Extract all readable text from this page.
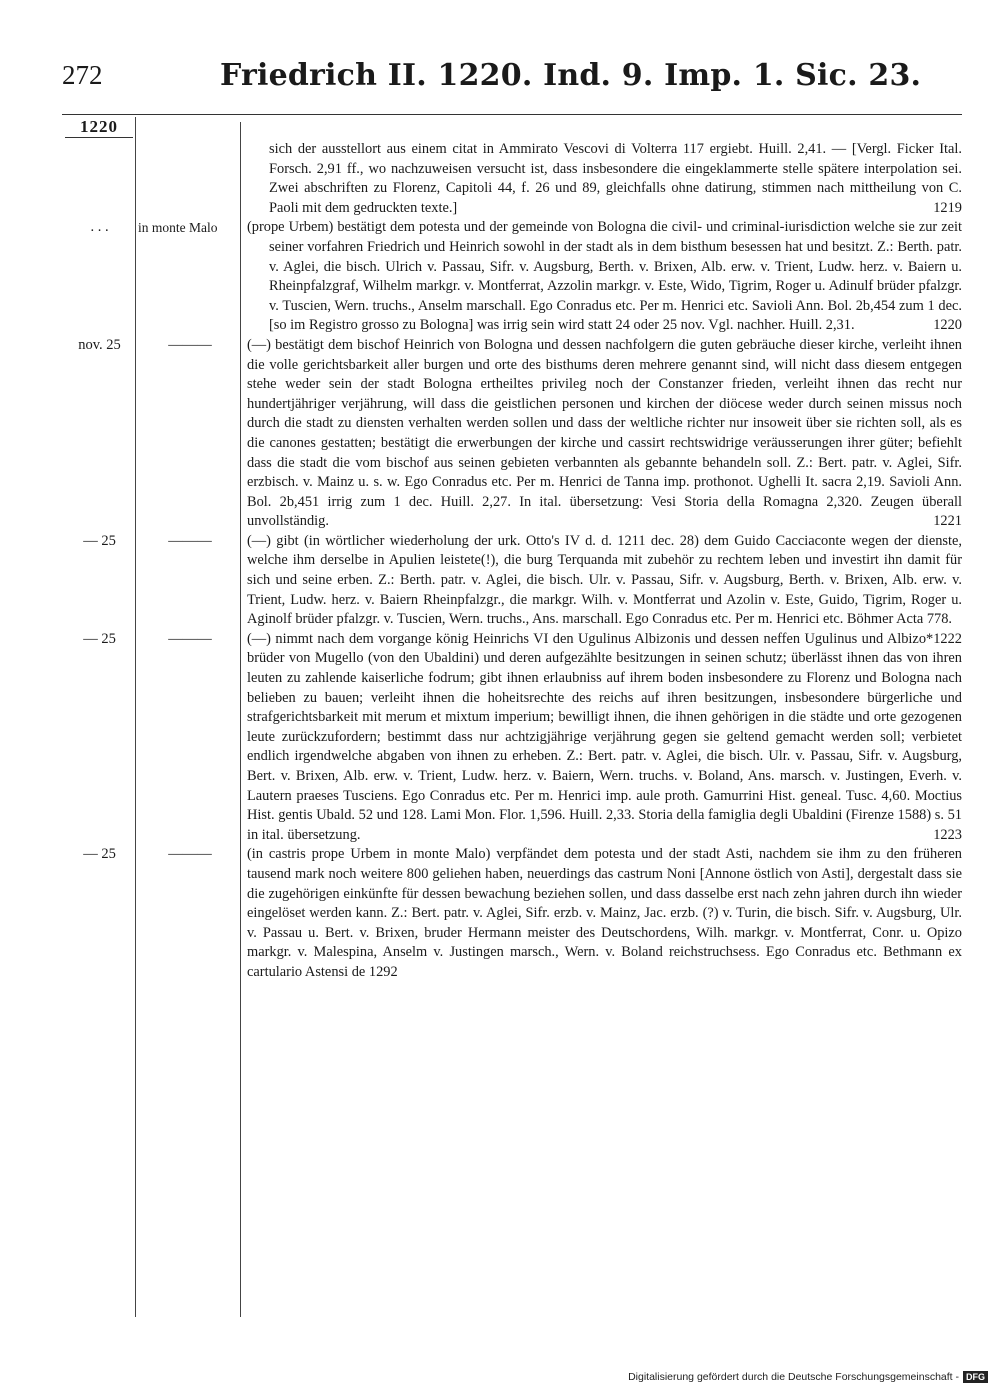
272	Friedrich II. 1220. Ind. 9. Imp. 1. Sic. 23.
1220
sich der ausstellort aus einem citat in Ammirato Vescovi di Volterra 117 ergiebt. Huill. 2,41. — [Vergl. Ficker Ital. Forsch. 2,91 ff., wo nachzuweisen versucht ist, dass insbesondere die eingeklammerte stelle spätere interpolation sei. Zwei abschriften zu Florenz, Capitoli 44, f. 26 und 89, gleichfalls ohne datirung, stimmen nach mittheilung von C. Paoli mit dem gedruckten texte.]	1219
. . .	in monte Malo	(prope Urbem) bestätigt dem potesta und der gemeinde von Bologna die civil- und criminal-iurisdiction welche sie zur zeit seiner vorfahren Friedrich und Heinrich sowohl in der stadt als in dem bisthum besessen hat und besitzt. Z.: Berth. patr. v. Aglei, die bisch. Ulrich v. Passau, Sifr. v. Augsburg, Berth. v. Brixen, Alb. erw. v. Trient, Ludw. herz. v. Baiern u. Rheinpfalzgraf, Wilhelm markgr. v. Montferrat, Azzolin markgr. v. Este, Wido, Tigrim, Roger u. Adinulf brüder pfalzgr. v. Tuscien, Wern. truchs., Anselm marschall. Ego Conradus etc. Per m. Henrici etc. Savioli Ann. Bol. 2b,454 zum 1 dec. [so im Registro grosso zu Bologna] was irrig sein wird statt 24 oder 25 nov. Vgl. nachher. Huill. 2,31.	1220
nov. 25	———	(—) bestätigt dem bischof Heinrich von Bologna und dessen nachfolgern die guten gebräuche dieser kirche, verleiht ihnen die volle gerichtsbarkeit aller burgen und orte des bisthums deren mehrere genannt sind, will nicht dass diesem entgegen stehe weder sein der stadt Bologna ertheiltes privileg noch der Constanzer frieden, verleiht ihnen das recht nur hundertjähriger verjährung, will dass die geistlichen personen und kirchen der diöcese weder durch seinen missus noch durch die stadt zu diensten verhalten werden sollen und dass der weltliche richter nur insoweit über sie richten soll, als es die canones gestatten; bestätigt die erwerbungen der kirche und cassirt rechtswidrige veräusserungen ihrer güter; befiehlt dass die stadt die vom bischof aus seinen gebieten verbannten als gebannte behandeln soll. Z.: Bert. patr. v. Aglei, Sifr. erzbisch. v. Mainz u. s. w. Ego Conradus etc. Per m. Henrici de Tanna imp. prothonot. Ughelli It. sacra 2,19. Savioli Ann. Bol. 2b,451 irrig zum 1 dec. Huill. 2,27. In ital. übersetzung: Vesi Storia della Romagna 2,320. Zeugen überall unvollständig.	1221
— 25	———	(—) gibt (in wörtlicher wiederholung der urk. Otto's IV d. d. 1211 dec. 28) dem Guido Cacciaconte wegen der dienste, welche ihm derselbe in Apulien leistete(!), die burg Terquanda mit zubehör zu rechtem leben und investirt ihn damit für sich und seine erben. Z.: Berth. patr. v. Aglei, die bisch. Ulr. v. Passau, Sifr. v. Augsburg, Berth. v. Brixen, Alb. erw. v. Trient, Ludw. herz. v. Baiern Rheinpfalzgr., die markgr. Wilh. v. Montferrat und Azolin v. Este, Guido, Tigrim, Roger u. Aginolf brüder pfalzgr. v. Tuscien, Wern. truchs., Ans. marschall. Ego Conradus etc. Per m. Henrici etc. Böhmer Acta 778.
*1222
— 25	———	(—) nimmt nach dem vorgange könig Heinrichs VI den Ugulinus Albizonis und dessen neffen Ugulinus und Albizo brüder von Mugello (von den Ubaldini) und deren aufgezählte besitzungen in seinen schutz; überlässt ihnen das von ihren leuten zu zahlende kaiserliche fodrum; gibt ihnen erlaubniss auf ihrem boden insbesondere zu Florenz und Bologna nach belieben zu bauen; verleiht ihnen die hoheitsrechte des reichs auf ihren besitzungen, insbesondere bürgerliche und strafgerichtsbarkeit mit merum et mixtum imperium; bewilligt ihnen, die ihnen gehörigen in die städte und orte gezogenen leute zurückzufordern; bestimmt dass nur achtzigjährige verjährung gegen sie geltend gemacht werden soll; verbietet endlich irgendwelche abgaben von ihnen zu erheben. Z.: Bert. patr. v. Aglei, die bisch. Ulr. v. Passau, Sifr. v. Augsburg, Bert. v. Brixen, Alb. erw. v. Trient, Ludw. herz. v. Baiern, Wern. truchs. v. Boland, Ans. marsch. v. Justingen, Everh. v. Lautern praeses Tusciens. Ego Conradus etc. Per m. Henrici imp. aule proth. Gamurrini Hist. geneal. Tusc. 4,60. Moctius Hist. gentis Ubald. 52 und 128. Lami Mon. Flor. 1,596. Huill. 2,33. Storia della famiglia degli Ubaldini (Firenze 1588) s. 51 in ital. übersetzung.	1223
— 25	———	(in castris prope Urbem in monte Malo) verpfändet dem potesta und der stadt Asti, nachdem sie ihm zu den früheren tausend mark noch weitere 800 geliehen haben, neuerdings das castrum Noni [Annone östlich von Asti], dergestalt dass sie die zugehörigen einkünfte für dessen bewachung beziehen sollen, und dass dasselbe erst nach zehn jahren durch ihn wieder eingelöset werden kann. Z.: Bert. patr. v. Aglei, Sifr. erzb. v. Mainz, Jac. erzb. (?) v. Turin, die bisch. Sifr. v. Augsburg, Ulr. v. Passau u. Bert. v. Brixen, bruder Hermann meister des Deutschordens, Wilh. markgr. v. Montferrat, Conr. u. Opizo markgr. v. Malespina, Anselm v. Justingen marsch., Wern. v. Boland reichstruchsess. Ego Conradus etc. Bethmann ex cartulario Astensi de 1292
Digitalisierung gefördert durch die Deutsche Forschungsgemeinschaft - DFG
